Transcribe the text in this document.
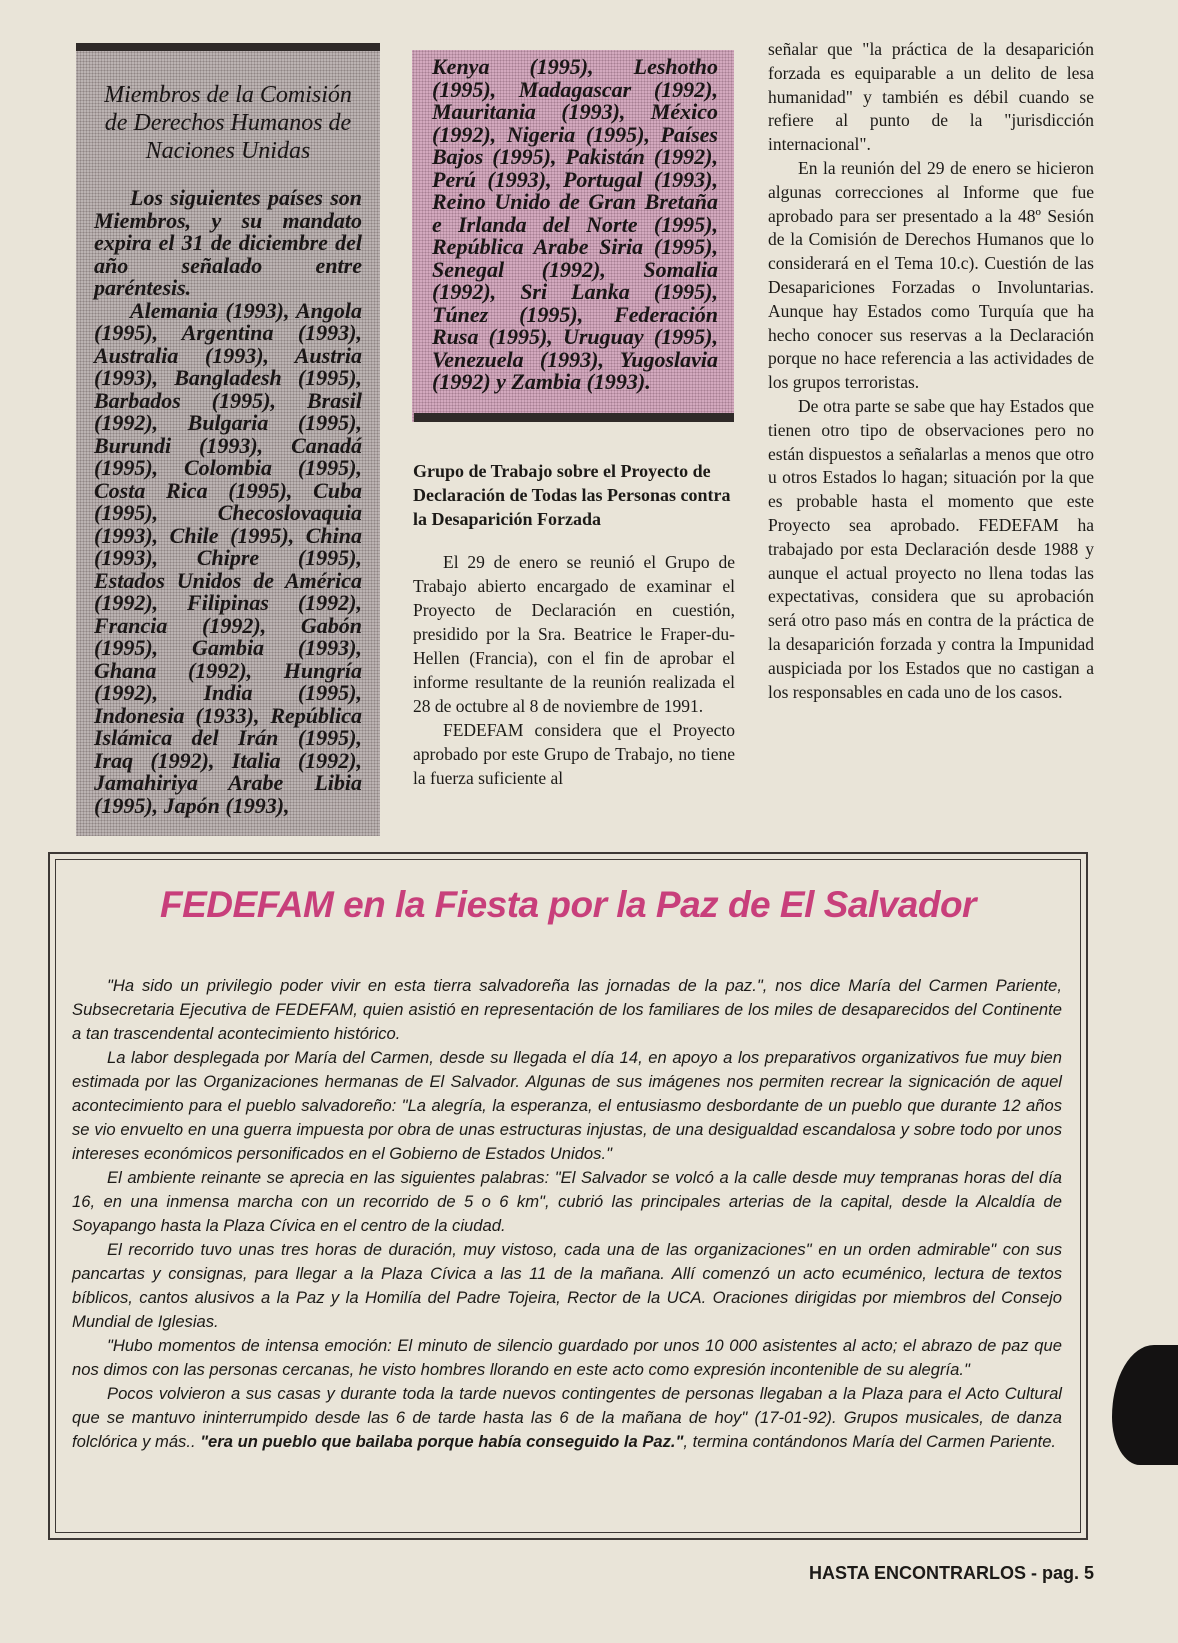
Miembros de la Comisión de Derechos Humanos de Naciones Unidas

Los siguientes países son Miembros, y su mandato expira el 31 de diciembre del año señalado entre paréntesis.

Alemania (1993), Angola (1995), Argentina (1993), Australia (1993), Austria (1993), Bangladesh (1995), Barbados (1995), Brasil (1992), Bulgaria (1995), Burundi (1993), Canadá (1995), Colombia (1995), Costa Rica (1995), Cuba (1995), Checoslovaquia (1993), Chile (1995), China (1993), Chipre (1995), Estados Unidos de América (1992), Filipinas (1992), Francia (1992), Gabón (1995), Gambia (1993), Ghana (1992), Hungría (1992), India (1995), Indonesia (1933), República Islámica del Irán (1995), Iraq (1992), Italia (1992), Jamahiriya Arabe Libia (1995), Japón (1993),

Kenya (1995), Leshotho (1995), Madagascar (1992), Mauritania (1993), México (1992), Nigeria (1995), Países Bajos (1995), Pakistán (1992), Perú (1993), Portugal (1993), Reino Unido de Gran Bretaña e Irlanda del Norte (1995), República Arabe Siria (1995), Senegal (1992), Somalia (1992), Sri Lanka (1995), Túnez (1995), Federación Rusa (1995), Uruguay (1995), Venezuela (1993), Yugoslavia (1992) y Zambia (1993).

Grupo de Trabajo sobre el Proyecto de Declaración de Todas las Personas contra la Desaparición Forzada

El 29 de enero se reunió el Grupo de Trabajo abierto encargado de examinar el Proyecto de Declaración en cuestión, presidido por la Sra. Beatrice le Fraper-du-Hellen (Francia), con el fin de aprobar el informe resultante de la reunión realizada el 28 de octubre al 8 de noviembre de 1991.

FEDEFAM considera que el Proyecto aprobado por este Grupo de Trabajo, no tiene la fuerza suficiente al

señalar que "la práctica de la desaparición forzada es equiparable a un delito de lesa humanidad" y también es débil cuando se refiere al punto de la "jurisdicción internacional".

En la reunión del 29 de enero se hicieron algunas correcciones al Informe que fue aprobado para ser presentado a la 48º Sesión de la Comisión de Derechos Humanos que lo considerará en el Tema 10.c). Cuestión de las Desapariciones Forzadas o Involuntarias. Aunque hay Estados como Turquía que ha hecho conocer sus reservas a la Declaración porque no hace referencia a las actividades de los grupos terroristas.

De otra parte se sabe que hay Estados que tienen otro tipo de observaciones pero no están dispuestos a señalarlas a menos que otro u otros Estados lo hagan; situación por la que es probable hasta el momento que este Proyecto sea aprobado. FEDEFAM ha trabajado por esta Declaración desde 1988 y aunque el actual proyecto no llena todas las expectativas, considera que su aprobación será otro paso más en contra de la práctica de la desaparición forzada y contra la Impunidad auspiciada por los Estados que no castigan a los responsables en cada uno de los casos.

FEDEFAM en la Fiesta por la Paz de El Salvador

"Ha sido un privilegio poder vivir en esta tierra salvadoreña las jornadas de la paz.", nos dice María del Carmen Pariente, Subsecretaria Ejecutiva de FEDEFAM, quien asistió en representación de los familiares de los miles de desaparecidos del Continente a tan trascendental acontecimiento histórico.

La labor desplegada por María del Carmen, desde su llegada el día 14, en apoyo a los preparativos organizativos fue muy bien estimada por las Organizaciones hermanas de El Salvador. Algunas de sus imágenes nos permiten recrear la signicación de aquel acontecimiento para el pueblo salvadoreño: "La alegría, la esperanza, el entusiasmo desbordante de un pueblo que durante 12 años se vio envuelto en una guerra impuesta por obra de unas estructuras injustas, de una desigualdad escandalosa y sobre todo por unos intereses económicos personificados en el Gobierno de Estados Unidos."

El ambiente reinante se aprecia en las siguientes palabras: "El Salvador se volcó a la calle desde muy tempranas horas del día 16, en una inmensa marcha con un recorrido de 5 o 6 km", cubrió las principales arterias de la capital, desde la Alcaldía de Soyapango hasta la Plaza Cívica en el centro de la ciudad.

El recorrido tuvo unas tres horas de duración, muy vistoso, cada una de las organizaciones" en un orden admirable" con sus pancartas y consignas, para llegar a la Plaza Cívica a las 11 de la mañana. Allí comenzó un acto ecuménico, lectura de textos bíblicos, cantos alusivos a la Paz y la Homilía del Padre Tojeira, Rector de la UCA. Oraciones dirigidas por miembros del Consejo Mundial de Iglesias.

"Hubo momentos de intensa emoción: El minuto de silencio guardado por unos 10 000 asistentes al acto; el abrazo de paz que nos dimos con las personas cercanas, he visto hombres llorando en este acto como expresión incontenible de su alegría."

Pocos volvieron a sus casas y durante toda la tarde nuevos contingentes de personas llegaban a la Plaza para el Acto Cultural que se mantuvo ininterrumpido desde las 6 de tarde hasta las 6 de la mañana de hoy" (17-01-92). Grupos musicales, de danza folclórica y más.. "era un pueblo que bailaba porque había conseguido la Paz.", termina contándonos María del Carmen Pariente.

HASTA ENCONTRARLOS - pag. 5
